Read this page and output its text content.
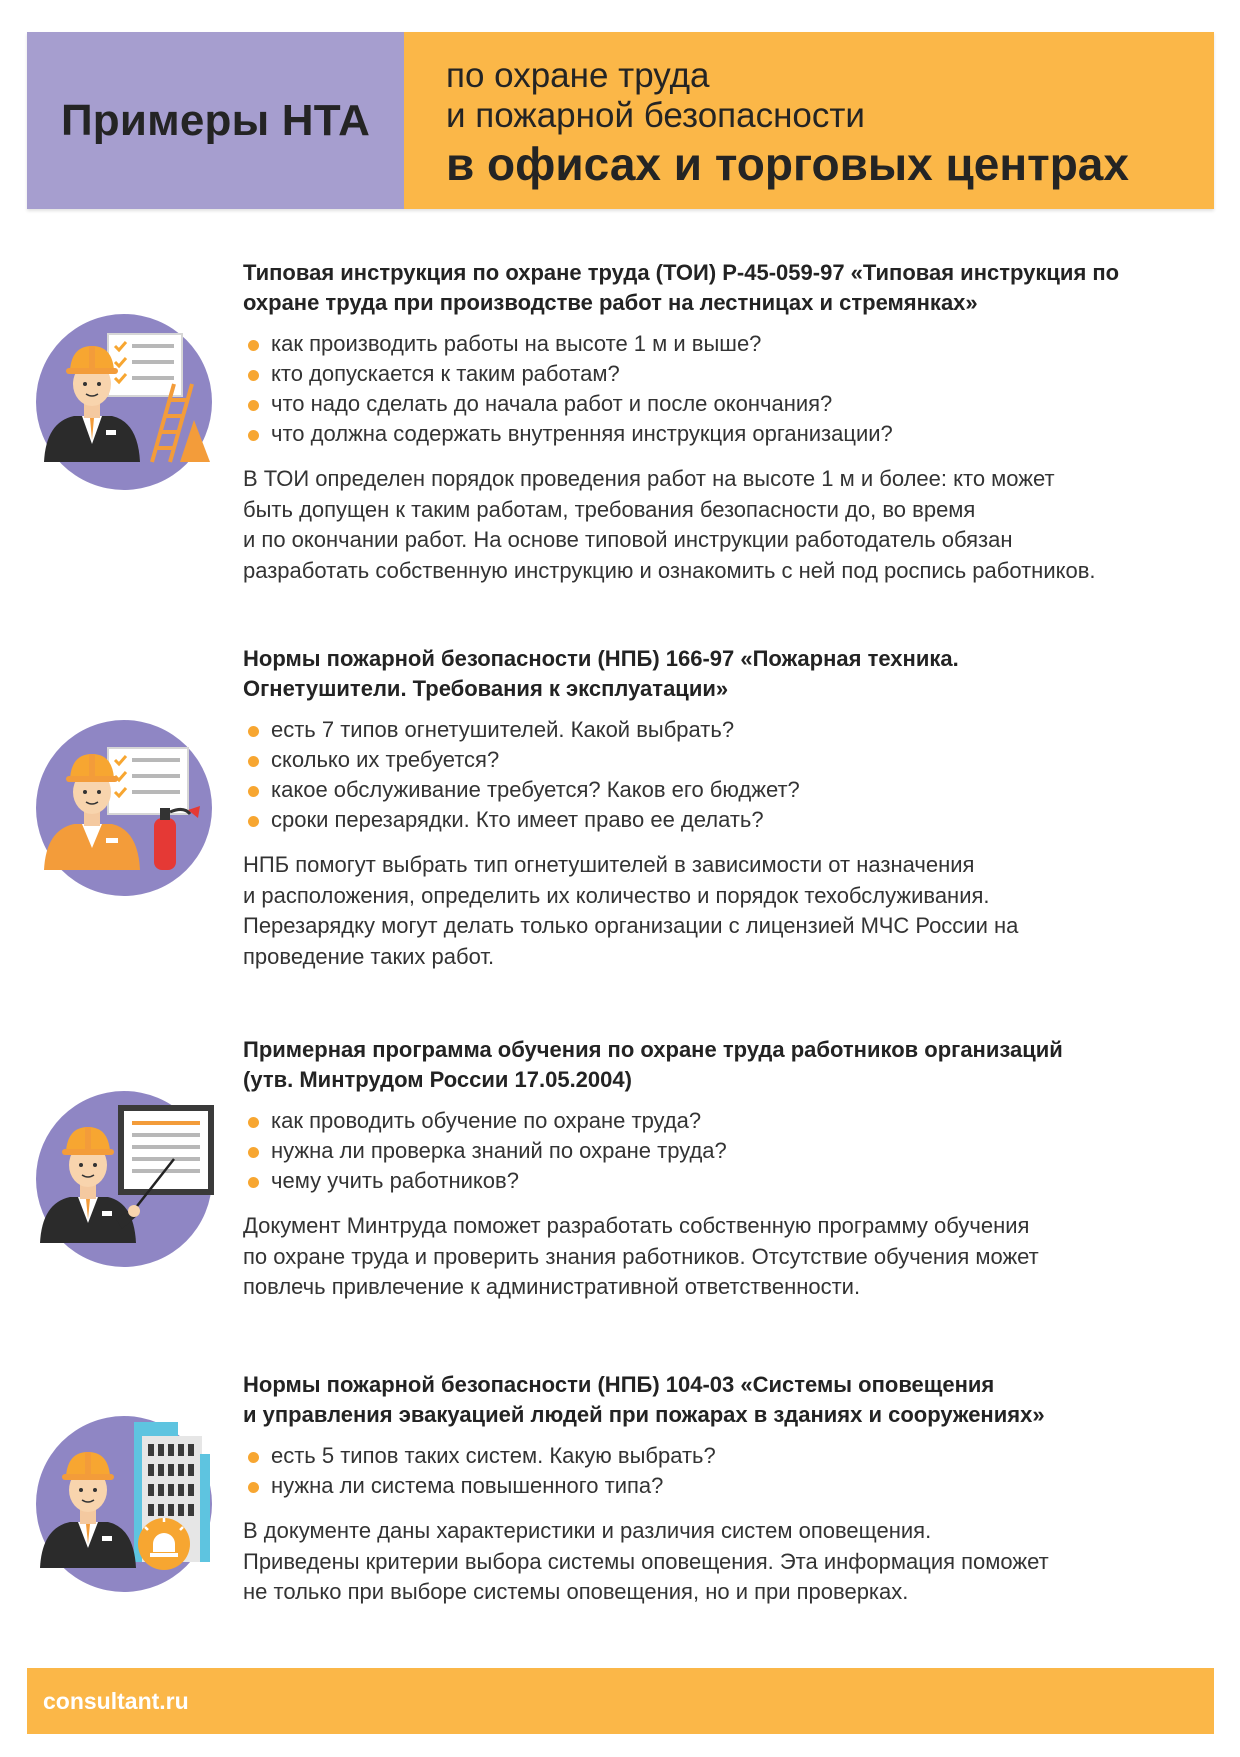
Примеры НТА
по охране труда
и пожарной безопасности
в офисах и торговых центрах
Типовая инструкция по охране труда (ТОИ) Р-45-059-97 «Типовая инструкция по
охране труда при производстве работ на лестницах и стремянках»
как производить работы на высоте 1 м и выше?
кто допускается к таким работам?
что надо сделать до начала работ и после окончания?
что должна содержать внутренняя инструкция организации?

В ТОИ определен порядок проведения работ на высоте 1 м и более: кто может
быть допущен к таким работам, требования безопасности до, во время
и по окончании работ. На основе типовой инструкции работодатель обязан
разработать собственную инструкцию и ознакомить с ней под роспись работников.

Нормы пожарной безопасности (НПБ) 166-97 «Пожарная техника.
Огнетушители. Требования к эксплуатации»
есть 7 типов огнетушителей. Какой выбрать?
сколько их требуется?
какое обслуживание требуется? Каков его бюджет?
сроки перезарядки. Кто имеет право ее делать?

НПБ помогут выбрать тип огнетушителей в зависимости от назначения
и расположения, определить их количество и порядок техобслуживания.
Перезарядку могут делать только организации с лицензией МЧС России на
проведение таких работ.

Примерная программа обучения по охране труда работников организаций
(утв. Минтрудом России 17.05.2004)
как проводить обучение по охране труда?
нужна ли проверка знаний по охране труда?
чему учить работников?

Документ Минтруда поможет разработать собственную программу обучения
по охране труда и проверить знания работников. Отсутствие обучения может
повлечь привлечение к административной ответственности.

Нормы пожарной безопасности (НПБ) 104-03 «Системы оповещения
и управления эвакуацией людей при пожарах в зданиях и сооружениях»
есть 5 типов таких систем. Какую выбрать?
нужна ли система повышенного типа?

В документе даны характеристики и различия систем оповещения.
Приведены критерии выбора системы оповещения. Эта информация поможет
не только при выборе системы оповещения, но и при проверках.

consultant.ru
